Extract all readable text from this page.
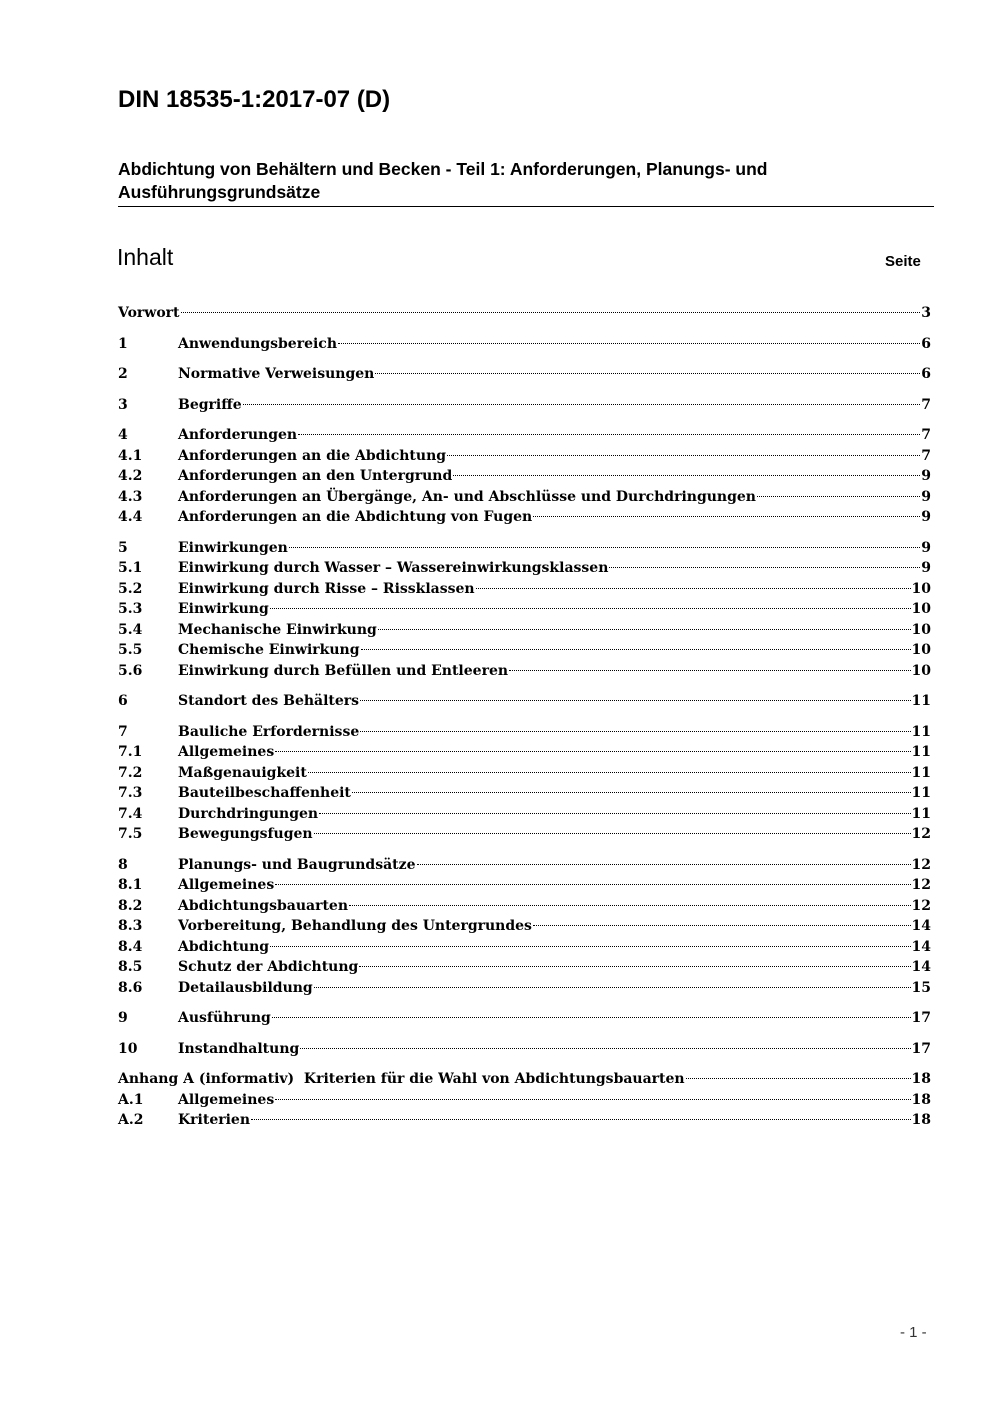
DIN 18535-1:2017-07 (D)
Abdichtung von Behältern und Becken - Teil 1: Anforderungen, Planungs- und
Ausführungsgrundsätze
Inhalt	Seite
Vorwort	3
1	Anwendungsbereich	6
2	Normative Verweisungen	6
3	Begriffe	7
4	Anforderungen	7
4.1	Anforderungen an die Abdichtung	7
4.2	Anforderungen an den Untergrund	9
4.3	Anforderungen an Übergänge, An- und Abschlüsse und Durchdringungen	9
4.4	Anforderungen an die Abdichtung von Fugen	9
5	Einwirkungen	9
5.1	Einwirkung durch Wasser – Wassereinwirkungsklassen	9
5.2	Einwirkung durch Risse – Rissklassen	10
5.3	Einwirkung	10
5.4	Mechanische Einwirkung	10
5.5	Chemische Einwirkung	10
5.6	Einwirkung durch Befüllen und Entleeren	10
6	Standort des Behälters	11
7	Bauliche Erfordernisse	11
7.1	Allgemeines	11
7.2	Maßgenauigkeit	11
7.3	Bauteilbeschaffenheit	11
7.4	Durchdringungen	11
7.5	Bewegungsfugen	12
8	Planungs- und Baugrundsätze	12
8.1	Allgemeines	12
8.2	Abdichtungsbauarten	12
8.3	Vorbereitung, Behandlung des Untergrundes	14
8.4	Abdichtung	14
8.5	Schutz der Abdichtung	14
8.6	Detailausbildung	15
9	Ausführung	17
10	Instandhaltung	17
Anhang A (informativ)  Kriterien für die Wahl von Abdichtungsbauarten	18
A.1	Allgemeines	18
A.2	Kriterien	18
- 1 -
